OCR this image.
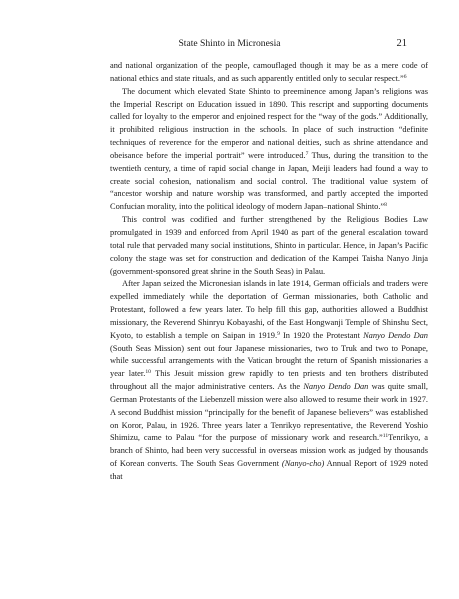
State Shinto in Micronesia	21

and national organization of the people, camouflaged though it may be as a mere code of national ethics and state rituals, and as such apparently entitled only to secular respect.”$^6$

The document which elevated State Shinto to preeminence among Japan’s religions was the Imperial Rescript on Education issued in 1890. This rescript and supporting documents called for loyalty to the emperor and enjoined respect for the “way of the gods.” Additionally, it prohibited religious instruction in the schools. In place of such instruction “definite techniques of reverence for the emperor and national deities, such as shrine attendance and obeisance before the imperial portrait” were introduced.$^7$ Thus, during the transition to the twentieth century, a time of rapid social change in Japan, Meiji leaders had found a way to create social cohesion, nationalism and social control. The traditional value system of “ancestor worship and nature worship was transformed, and partly accepted the imported Confucian morality, into the political ideology of modern Japan–national Shinto.”$^8$

This control was codified and further strengthened by the Religious Bodies Law promulgated in 1939 and enforced from April 1940 as part of the general escalation toward total rule that pervaded many social institutions, Shinto in particular. Hence, in Japan’s Pacific colony the stage was set for construction and dedication of the Kampei Taisha Nanyo Jinja (government-sponsored great shrine in the South Seas) in Palau.

After Japan seized the Micronesian islands in late 1914, German officials and traders were expelled immediately while the deportation of German missionaries, both Catholic and Protestant, followed a few years later. To help fill this gap, authorities allowed a Buddhist missionary, the Reverend Shinryu Kobayashi, of the East Hongwanji Temple of Shinshu Sect, Kyoto, to establish a temple on Saipan in 1919.$^9$ In 1920 the Protestant Nanyo Dendo Dan (South Seas Mission) sent out four Japanese missionaries, two to Truk and two to Ponape, while successful arrangements with the Vatican brought the return of Spanish missionaries a year later.$^{10}$ This Jesuit mission grew rapidly to ten priests and ten brothers distributed throughout all the major administrative centers. As the Nanyo Dendo Dan was quite small, German Protestants of the Liebenzell mission were also allowed to resume their work in 1927. A second Buddhist mission “principally for the benefit of Japanese believers” was established on Koror, Palau, in 1926. Three years later a Tenrikyo representative, the Reverend Yoshio Shimizu, came to Palau “for the purpose of missionary work and research.”$^{11}$Tenrikyo, a branch of Shinto, had been very successful in overseas mission work as judged by thousands of Korean converts. The South Seas Government (Nanyo-cho) Annual Report of 1929 noted that
